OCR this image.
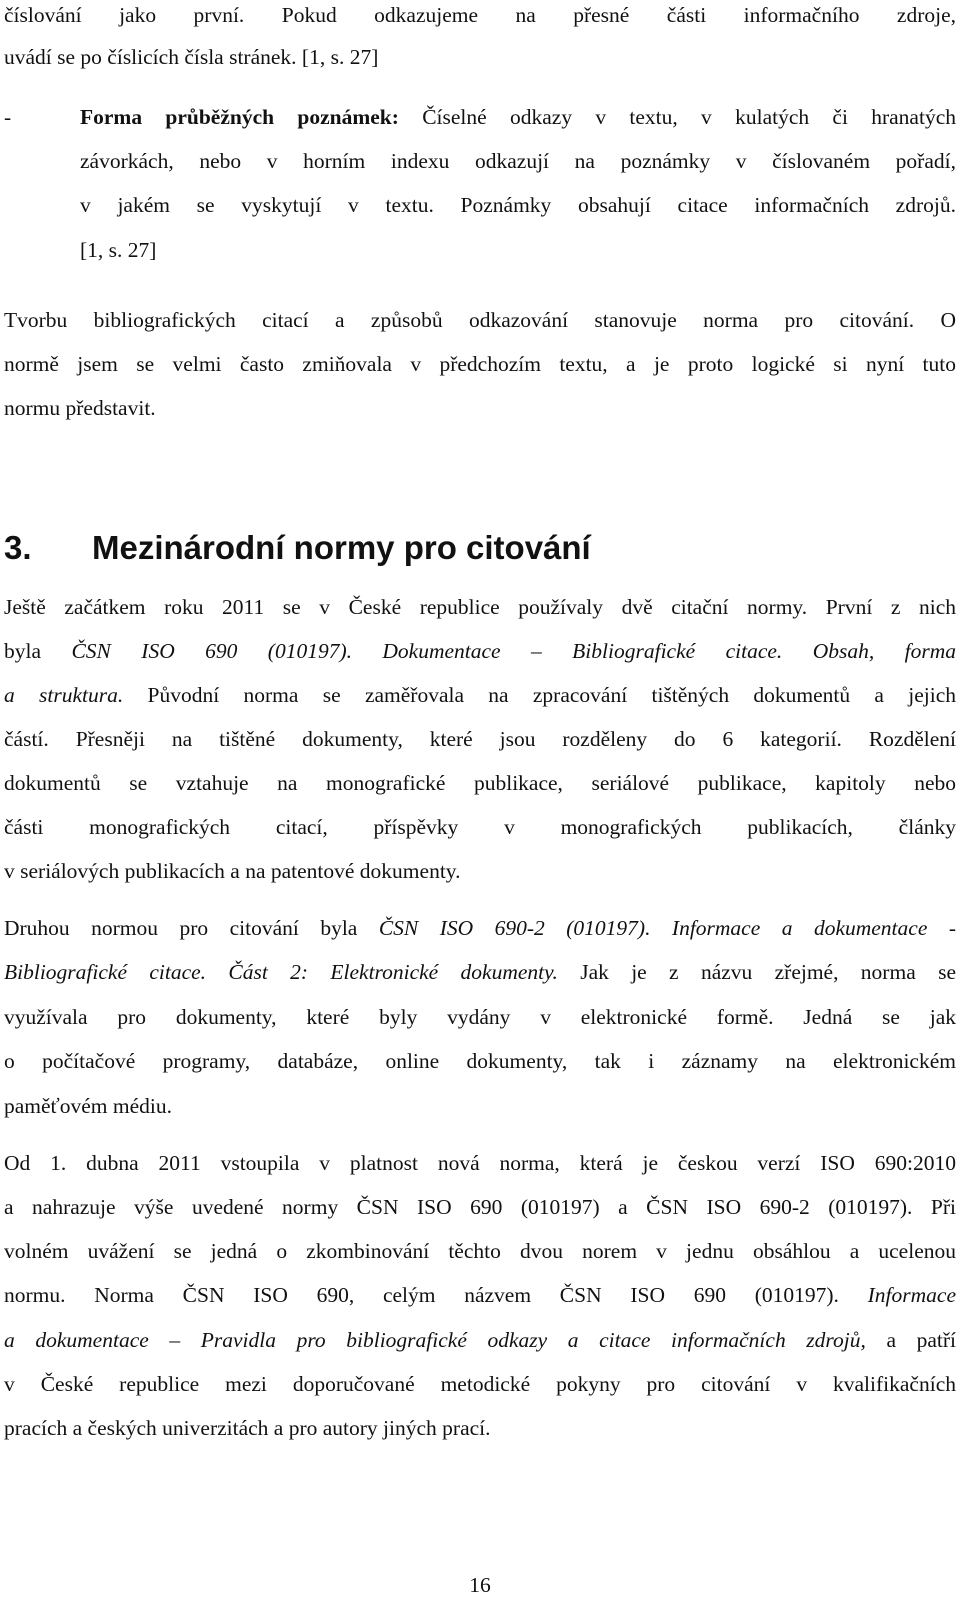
číslování jako první. Pokud odkazujeme na přesné části informačního zdroje,
uvádí se po číslicích čísla stránek. [1, s. 27]
-	Forma průběžných poznámek: Číselné odkazy v textu, v kulatých či hranatých
závorkách, nebo v horním indexu odkazují na poznámky v číslovaném pořadí,
v jakém se vyskytují v textu. Poznámky obsahují citace informačních zdrojů.
[1, s. 27]
Tvorbu bibliografických citací a způsobů odkazování stanovuje norma pro citování. O
normě jsem se velmi často zmiňovala v předchozím textu, a je proto logické si nyní tuto
normu představit.
3. Mezinárodní normy pro citování
Ještě začátkem roku 2011 se v České republice používaly dvě citační normy. První z nich
byla ČSN ISO 690 (010197). Dokumentace – Bibliografické citace. Obsah, forma
a struktura. Původní norma se zaměřovala na zpracování tištěných dokumentů a jejich
částí. Přesněji na tištěné dokumenty, které jsou rozděleny do 6 kategorií. Rozdělení
dokumentů se vztahuje na monografické publikace, seriálové publikace, kapitoly nebo
části monografických citací, příspěvky v monografických publikacích, články
v seriálových publikacích a na patentové dokumenty.
Druhou normou pro citování byla ČSN ISO 690-2 (010197). Informace a dokumentace -
Bibliografické citace. Část 2: Elektronické dokumenty. Jak je z názvu zřejmé, norma se
využívala pro dokumenty, které byly vydány v elektronické formě. Jedná se jak
o počítačové programy, databáze, online dokumenty, tak i záznamy na elektronickém
paměťovém médiu.
Od 1. dubna 2011 vstoupila v platnost nová norma, která je českou verzí ISO 690:2010
a nahrazuje výše uvedené normy ČSN ISO 690 (010197) a ČSN ISO 690-2 (010197). Při
volném uvážení se jedná o zkombinování těchto dvou norem v jednu obsáhlou a ucelenou
normu. Norma ČSN ISO 690, celým názvem ČSN ISO 690 (010197). Informace
a dokumentace – Pravidla pro bibliografické odkazy a citace informačních zdrojů, a patří
v České republice mezi doporučované metodické pokyny pro citování v kvalifikačních
pracích a českých univerzitách a pro autory jiných prací.
16
